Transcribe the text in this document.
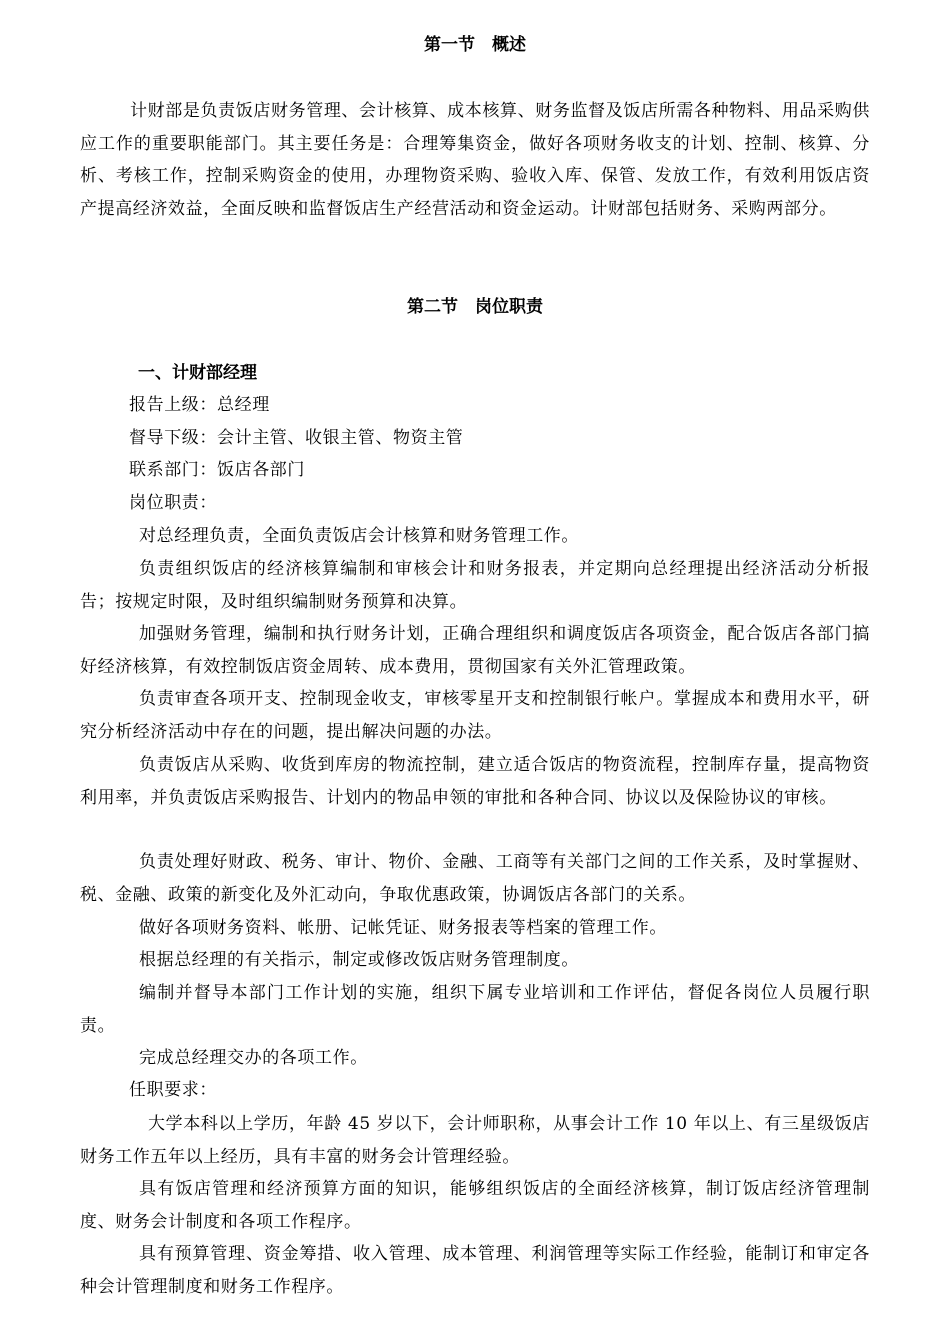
第一节　概述
计财部是负责饭店财务管理、会计核算、成本核算、财务监督及饭店所需各种物料、用品采购供应工作的重要职能部门。其主要任务是：合理筹集资金，做好各项财务收支的计划、控制、核算、分析、考核工作，控制采购资金的使用，办理物资采购、验收入库、保管、发放工作，有效利用饭店资产提高经济效益，全面反映和监督饭店生产经营活动和资金运动。计财部包括财务、采购两部分。
第二节　岗位职责
一、计财部经理
报告上级：总经理
督导下级：会计主管、收银主管、物资主管
联系部门：饭店各部门
岗位职责：
对总经理负责，全面负责饭店会计核算和财务管理工作。
负责组织饭店的经济核算编制和审核会计和财务报表，并定期向总经理提出经济活动分析报告；按规定时限，及时组织编制财务预算和决算。
加强财务管理，编制和执行财务计划，正确合理组织和调度饭店各项资金，配合饭店各部门搞好经济核算，有效控制饭店资金周转、成本费用，贯彻国家有关外汇管理政策。
负责审查各项开支、控制现金收支，审核零星开支和控制银行帐户。掌握成本和费用水平，研究分析经济活动中存在的问题，提出解决问题的办法。
负责饭店从采购、收货到库房的物流控制，建立适合饭店的物资流程，控制库存量，提高物资利用率，并负责饭店采购报告、计划内的物品申领的审批和各种合同、协议以及保险协议的审核。
负责处理好财政、税务、审计、物价、金融、工商等有关部门之间的工作关系，及时掌握财、税、金融、政策的新变化及外汇动向，争取优惠政策，协调饭店各部门的关系。
做好各项财务资料、帐册、记帐凭证、财务报表等档案的管理工作。
根据总经理的有关指示，制定或修改饭店财务管理制度。
编制并督导本部门工作计划的实施，组织下属专业培训和工作评估，督促各岗位人员履行职责。
完成总经理交办的各项工作。
任职要求：
大学本科以上学历，年龄 45 岁以下，会计师职称，从事会计工作 10 年以上、有三星级饭店财务工作五年以上经历，具有丰富的财务会计管理经验。
具有饭店管理和经济预算方面的知识，能够组织饭店的全面经济核算，制订饭店经济管理制度、财务会计制度和各项工作程序。
具有预算管理、资金筹措、收入管理、成本管理、利润管理等实际工作经验，能制订和审定各种会计管理制度和财务工作程序。
